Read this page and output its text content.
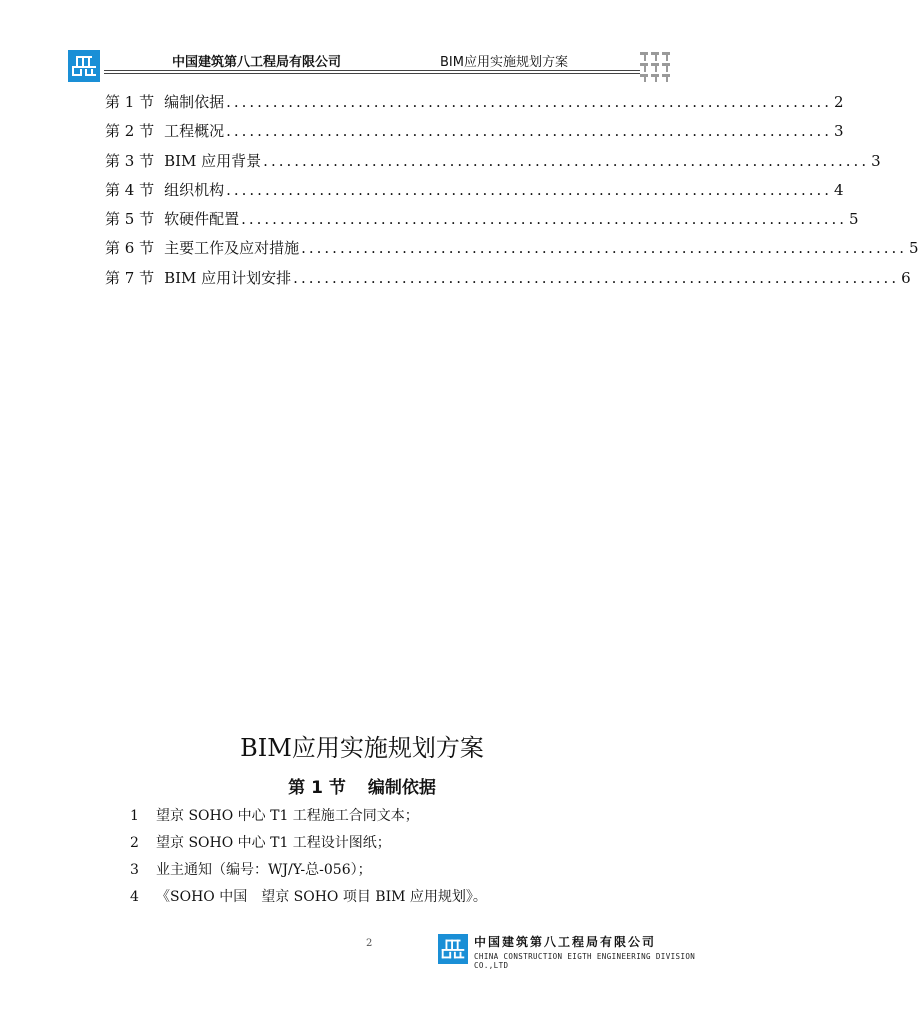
中国建筑第八工程局有限公司	BIM应用实施规划方案
第 1 节 编制依据 .............................................................................. 2
第 2 节 工程概况 .............................................................................. 3
第 3 节 BIM 应用背景 .............................................................................. 3
第 4 节 组织机构 .............................................................................. 4
第 5 节 软硬件配置 .............................................................................. 5
第 6 节 主要工作及应对措施 .............................................................................. 5
第 7 节 BIM 应用计划安排 .............................................................................. 6
BIM应用实施规划方案
第 1 节 编制依据
1	望京 SOHO 中心 T1 工程施工合同文本；
2	望京 SOHO 中心 T1 工程设计图纸；
3	业主通知（编号：WJ/Y-总-056）；
4	《SOHO 中国　望京 SOHO 项目 BIM 应用规划》。
2	中国建筑第八工程局有限公司
CHINA CONSTRUCTION EIGTH ENGINEERING DIVISION CO.,LTD
